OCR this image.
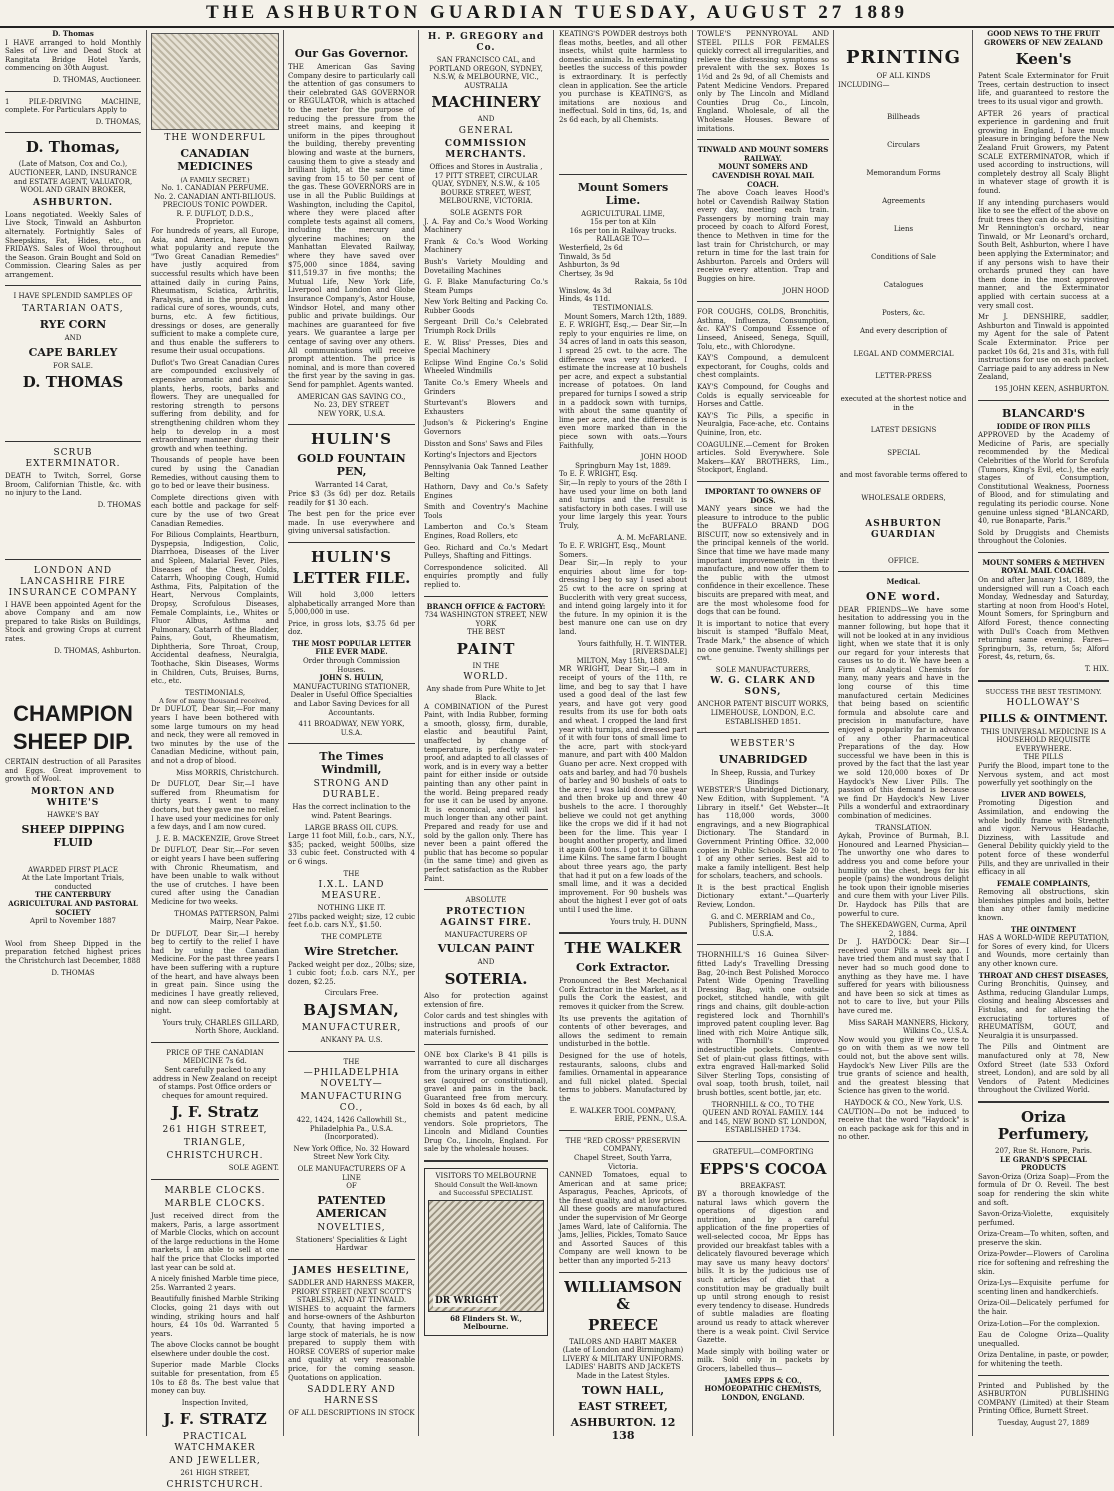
THE ASHBURTON GUARDIAN TUESDAY, AUGUST 27 1889
D. Thomas

I HAVE arranged to hold Monthly Sales of Live and Dead Stock at Rangitata Bridge Hotel Yards, commencing on 30th August.

D. THOMAS, Auctioneer.

1 PILE-DRIVING MACHINE, complete. For Particulars Apply to

D. THOMAS,

D. Thomas,
(Late of Matson, Cox and Co.),

AUCTIONEER, LAND, INSURANCE and ESTATE AGENT, VALUATOR, WOOL AND GRAIN BROKER,

ASHBURTON.

Loans negotiated. Weekly Sales of Live Stock, Tinwald an Ashburton alternately. Fortnightly Sales of Sheepskins, Fat, Hides, etc., on FRIDAYS. Sales of Wool throughout the Season. Grain Bought and Sold on Commission. Clearing Sales as per arrangement.

I HAVE SPLENDID SAMPLES OF

TARTARIAN OATS,
RYE CORN
AND
CAPE BARLEY
FOR SALE.
D. THOMAS
SCRUB EXTERMINATOR.

DEATH to Twitch, Sorrel, Gorse Broom, Californian Thistle, &c. with no injury to the Land.

D. THOMAS

LONDON AND LANCASHIRE FIRE INSURANCE COMPANY

I HAVE been appointed Agent for the above Company and am now prepared to take Risks on Buildings, Stock and growing Crops at current rates.

D. THOMAS, Ashburton.

CHAMPION
SHEEP DIP.

CERTAIN destruction of all Parasites and Eggs. Great improvement to growth of Wool.

MORTON AND WHITE'S
HAWKE'S BAY
SHEEP DIPPING FLUID
AWARDED FIRST PLACE
At the Late Important Trials, conducted
THE CANTERBURY AGRICULTURAL AND PASTORAL SOCIETY
April to November 1887

Wool from Sheep Dipped in the preparation fetched highest prices the Christchurch last December, 1888

D. THOMAS
THE WONDERFUL
CANADIAN MEDICINES
(A FAMILY SECRET.)
No. 1. CANADIAN PERFUME.
No. 2. CANADIAN ANTI-BILIOUS.
PRECIOUS TONIC POWDER.
R. F. DUFLOT, D.D.S.,
Proprietor.

For hundreds of years, all Europe, Asia, and America, have known what popularity and repute the "Two Great Canadian Remedies" have justly acquired from successful results which have been attained daily in curing Pains, Rheumatism, Sciatica, Arthritis, Paralysis, and in the prompt and radical cure of sores, wounds, cuts, burns, etc. A few fictitious, dressings or doses, are generally sufficient to make a complete cure, and thus enable the sufferers to resume their usual occupations.

Duflot's Two Great Canadian Cures are compounded exclusively of expensive aromatic and balsamic plants, herbs, roots, barks and flowers. They are unequalled for restoring strength to persons suffering from debility, and for strengthening children whom they help to develop in a most extraordinary manner during their growth and when teething.

Thousands of people have been cured by using the Canadian Remedies, without causing them to go to bed or leave their business.

Complete directions given with each bottle and package for self-cure by the use of two Great Canadian Remedies.

For Bilious Complaints, Heartburn, Dyspepsia, Indigestion, Colic, Diarrhoea, Diseases of the Liver and Spleen, Malarial Fever, Piles, Diseases of the Chest, Colds, Catarrh, Whooping Cough, Humid Asthma, Fits, Palpitation of the Heart, Nervous Complaints, Dropsy, Scrofulous Diseases, Female Complaints, i.e., Whites or Fluor Albus, Asthma and Pulmonary, Catarrh of the Bladder, Pains, Gout, Rheumatism, Diphtheria, Sore Throat, Croup, Accidental deafness, Neuralgia, Toothache, Skin Diseases, Worms in Children, Cuts, Bruises, Burns, etc., etc.

TESTIMONIALS,
A few of many thousand received,

Dr DUFLOT, Dear Sir,—For many years I have been bothered with some large tumours on my head and neck, they were all removed in two minutes by the use of the Canadian Medicine, without pain, and not a drop of blood.

Miss MORRIS, Christchurch.

Dr DUFLOT, Dear Sir,—I have suffered from Rheumatism for thirty years. I went to many doctors, but they gave me no relief. I have used your medicines for only a few days, and I am now cured.

J. E. B. MACKENZIE, Grove Street

Dr DUFLOT, Dear Sir,—For seven or eight years I have been suffering with Chronic Rheumatism, and have been unable to walk without the use of crutches. I have been cured after using the Canadian Medicine for two weeks.

THOMAS PATTERSON, Palmi Mairp, Near Pakoe.

Dr DUFLOT, Dear Sir,—I hereby beg to certify to the relief I have had by using the Canadian Medicine. For the past three years I have been suffering with a rupture of the heart, and have always been in great pain. Since using the medicines I have greatly relieved, and now can sleep comfortably at night.

Yours truly, CHARLES GILLARD, North Shore, Auckland.

PRICE OF THE CANADIAN MEDICINE 7s 6d.

Sent carefully packed to any address in New Zealand on receipt of stamps. Post Office orders or cheques for amount required.

J. F. Stratz
261 HIGH STREET,
TRIANGLE,
CHRISTCHURCH.
SOLE AGENT.
MARBLE CLOCKS.
MARBLE CLOCKS.

Just received direct from the makers, Paris, a large assortment of Marble Clocks, which on account of the large reductions in the Home markets, I am able to sell at one half the price that Clocks imported last year can be sold at.

A nicely finished Marble time piece, 25s. Warranted 2 years.

Beautifully finished Marble Striking Clocks, going 21 days with out winding, striking hours and half hours, £4 10s 0d. Warranted 5 years.

The above Clocks cannot be bought elsewhere under double the cost.

Superior made Marble Clocks suitable for presentation, from £5 10s to £8 8s. The best value that money can buy.

Inspection Invited,
J. F. STRATZ
PRACTICAL WATCHMAKER
AND JEWELLER,
261 HIGH STREET,
CHRISTCHURCH.
Our Gas Governor.

THE American Gas Saving Company desire to particularly call the attention of gas consumers to their celebrated GAS GOVERNOR or REGULATOR, which is attached to the meter for the purpose of reducing the pressure from the street mains, and keeping it uniform in the pipes throughout the building, thereby preventing blowing and waste at the burners, causing them to give a steady and brilliant light, at the same time saving from 15 to 50 per cent of the gas. These GOVERNORS are in use in all the Public Buildings at Washington, including the Capitol, where they were placed after complete tests against all comers, including the mercury and glycerine machines; on the Manhattan Elevated Railway, where they have saved over $75,000 since 1884, saving $11,519.37 in five months; the Mutual Life, New York Life, Liverpool and London and Globe Insurance Company's, Astor House, Windsor Hotel, and many other public and private buildings. Our machines are guaranteed for five years. We guarantee a large per centage of saving over any others. All communications will receive prompt attention. The price is nominal, and is more than covered the first year by the saving in gas. Send for pamphlet. Agents wanted.

AMERICAN GAS SAVING CO.,
No. 23, DEY STREET
NEW YORK, U.S.A.
HULIN'S
GOLD FOUNTAIN PEN,
Warranted 14 Carat,

Price $3 (3s 6d) per doz. Retails readily for $1 30 each.

The best pen for the price ever made. In use everywhere and giving universal satisfaction.

HULIN'S
LETTER FILE.

Will hold 3,000 letters alphabetically arranged More than 5,000,000 in use.

Price, in gross lots, $3.75 6d per doz.

THE MOST POPULAR LETTER FILE EVER MADE.
Order through Commission Houses.
JOHN S. HULIN,
MANUFACTURING STATIONER,

Dealer in Useful Office Specialties and Labor Saving Devices for all Accountants.

411 BROADWAY, NEW YORK, U.S.A.
The Times Windmill,
STRONG AND DURABLE.

Has the correct inclination to the wind. Patent Bearings.

LARGE BRASS OIL CUPS.

Large 11 foot Mill, f.o.b., cars, N.Y., $35; packed, weight 500lbs, size 33 cubic feet. Constructed with 4 or 6 wings.

THE
I.X.L. LAND MEASURE.
NOTHING LIKE IT.

27lbs packed weight; size, 12 cubic feet f.o.b. cars N.Y., $1.50.

THE COMPLETE
Wire Stretcher.

Packed weight per doz., 20lbs; size, 1 cubic foot; f.o.b. cars N.Y., per dozen, $2.25.

Circulars Free.
BAJSMAN,
MANUFACTURER,
ANKANY PA. U.S.
THE
—PHILADELPHIA NOVELTY—
MANUFACTURING CO.,

422, 1424, 1426 Callowhill St., Philadelphia Pa., U.S.A. (Incorporated).

New York Office, No. 32 Howard Street New York City.

OLE MANUFACTURERS OF A LINE
OF
PATENTED AMERICAN
NOVELTIES,
Stationers' Specialities & Light Hardwar
JAMES HESELTINE,
SADDLER AND HARNESS MAKER,
PRIORY STREET (NEXT SCOTT'S STABLES), AND AT TINWALD.

WISHES to acquaint the farmers and horse-owners of the Ashburton County, that having imported a large stock of materials, he is now prepared to supply them with HORSE COVERS of superior make and quality at very reasonable price, for the coming season. Quotations on application.

SADDLERY AND HARNESS
OF ALL DESCRIPTIONS IN STOCK
H. P. GREGORY and Co.
SAN FRANCISCO CAL, and
PORTLAND OREGON, SYDNEY,
N.S.W, & MELBOURNE, VIC.,
AUSTRALIA
MACHINERY
AND
GENERAL
COMMISSION MERCHANTS.
Offices and Stores in Australia ,

17 PITT STREET, CIRCULAR QUAY, SYDNEY, N.S.W., & 105 BOURKE STREET, WEST, MELBOURNE, VICTORIA.

SOLE AGENTS FOR

J. A. Fay and Co.'s Wood Working Machinery

Frank & Co.'s Wood Working Machinery

Bush's Variety Moulding and Dovetailing Machines

G. F. Blake Manufacturing Co.'s Steam Pumps

New York Belting and Packing Co. Rubber Goods

Sergeant Drill Co.'s Celebrated Triumph Rock Drills

E. W. Bliss' Presses, Dies and Special Machinery

Eclipse Wind Engine Co.'s Solid Wheeled Windmills

Tanite Co.'s Emery Wheels and Grinders

Sturtevant's Blowers and Exhausters

Judson's & Pickering's Engine Governors

Disston and Sons' Saws and Files

Korting's Injectors and Ejectors

Pennsylvania Oak Tanned Leather Belting

Hathorn, Davy and Co.'s Safety Engines

Smith and Coventry's Machine Tools

Lamberton and Co.'s Steam Engines, Road Rollers, etc

Geo. Richard and Co.'s Medart Pulleys, Shafting and Fittings.

Correspondence solicited. All enquiries promptly and fully replied to.

BRANCH OFFICE & FACTORY:
734 WASHINGTON STREET, NEW YORK
THE BEST
PAINT
IN THE
WORLD.
Any shade from Pure White to Jet Black.

A COMBINATION of the Purest Paint, with India Rubber, forming a smooth, glossy, firm, durable, elastic and beautiful Paint, unaffected by change of temperature, is perfectly water-proof, and adapted to all classes of work, and is in every way a better paint for either inside or outside painting than any other paint in the world. Being prepared ready for use it can be used by anyone. It is economical, and will last much longer than any other paint. Prepared and ready for use and sold by the gallon only. There has never been a paint offered the public that has become so popular (in the same time) and given as perfect satisfaction as the Rubber Paint.

ABSOLUTE
PROTECTION AGAINST FIRE.
MANUFACTURERS OF
VULCAN PAINT
AND
SOTERIA.

Also for protection against extension of fire.

Color cards and test shingles with instructions and proofs of our materials furnished.

ONE box Clarke's B 41 pills is warranted to cure all discharges from the urinary organs in either sex (acquired or constitutional), gravel and pains in the back. Guaranteed free from mercury. Sold in boxes 4s 6d each, by all chemists and patent medicine vendors. Sole proprietors, The Lincoln and Midland Counties Drug Co., Lincoln, England. For sale by the wholesale houses.

VISITORS TO MELBOURNE
Should Consult the Well-known and Successful SPECIALIST.
DR WRIGHT
68 Flinders St. W., Melbourne.

KEATING'S POWDER destroys both fleas moths, beetles, and all other insects, whilst quite harmless to domestic animals. In exterminating beetles the success of this powder is extraordinary. It is perfectly clean in application. See the article you purchase is KEATING'S, as imitations are noxious and ineffectual. Sold in tins, 6d, 1s, and 2s 6d each, by all Chemists.

Mount Somers Lime.
AGRICULTURAL LIME,
15s per ton at Kiln
16s per ton in Railway trucks.
RAILAGE TO—
Westerfield, 2s 6d
Tinwald, 3s 5d
Ashburton, 3s 9d
Chertsey, 3s 9d
Rakaia, 5s 10d
Winslow, 4s 3d
Hinds, 4s 11d.
TESTIMONIALS.
Mount Somers, March 12th, 1889.

E. F. WRIGHT, Esq.,— Dear Sir,—In reply to your enquiries re lime, on 34 acres of land in oats this season, I spread 25 cwt. to the acre. The difference was very marked. I estimate the increase at 10 bushels per acre, and expect a substantial increase of potatoes. On land prepared for turnips I sowed a strip in a paddock sown with turnips, with about the same quantity of lime per acre, and the difference is even more marked than in the piece sown with oats.—Yours Faithfully,

JOHN HOOD
Springburn May 1st, 1889.
To E. F. WRIGHT, Esq.

Sir,—In reply to yours of the 28th I have used your lime on both land and turnips and the result is satisfactory in both cases. I will use your lime largely this year. Yours Truly,

A. M. McFARLANE.
To E. F. WRIGHT, Esq., Mount Somers.

Dear Sir,—In reply to your enquiries about lime for top-dressing I beg to say I used about 25 cwt to the acre on spring at Bucclerith with very great success, and intend going largely into it for the future. In my opinion it is the best manure one can use on dry land.

Yours faithfully, H. T. WINTER. [RIVERSDALE]
MILTON, May 15th, 1889.

MR WRIGHT, Dear Sir,—I am in receipt of yours of the 11th, re lime, and beg to say that I have used a good deal of the last few years, and have got very good results from its use for both oats and wheat. I cropped the land first year with turnips, and dressed part of it with four tons of small lime to the acre, part with stock-yard manure, and part with 400 Maldon Guano per acre. Next cropped with oats and barley, and had 70 bushels of barley and 90 bushels of oats to the acre; I was laid down one year and then broke up and threw 40 bushels to the acre. I thoroughly believe we could not get anything like the crops we did if it had not been for the lime. This year I bought another property, and limed it again 600 tons. I got it to Gilhaun Lime Kilns. The same farm I bought about three years ago, the party that had it put on a few loads of the small lime, and it was a decided improvement. For 90 bushels was about the highest I ever got of oats until I used the lime.

Yours truly, H. DUNN
THE WALKER
Cork Extractor.

Pronounced the Best Mechanical Cork Extractor in the Market, as it pulls the Cork the easiest, and removes it quicker from the Screw.

Its use prevents the agitation of contents of other beverages, and allows the sediment to remain undisturbed in the bottle.

Designed for the use of hotels, restaurants, saloons, clubs and families. Ornamental in appearance and full nickel plated. Special terms to jobbers. Manufactured by the

E. WALKER TOOL COMPANY,
ERIE, PENN., U.S.A.
THE "RED CROSS" PRESERVIN COMPANY,
Chapel Street, South Yarra, Victoria.

CANNED Tomatoes, equal to American and at same price; Asparagus, Peaches, Apricots, of the finest quality, and at low prices. All these goods are manufactured under the supervision of Mr George James Ward, late of California. The Jams, Jellies, Pickles, Tomato Sauce and Assorted Sauces of this Company are well known to be better than any imported 5-213

WILLIAMSON &
PREECE
TAILORS AND HABIT MAKER (Late of London and Birmingham)
LIVERY & MILITARY UNIFORMS.
LADIES' HABITS AND JACKETS Made in the Latest Styles.
TOWN HALL,
EAST STREET,
ASHBURTON. 12 138

TOWLE'S PENNYROYAL AND STEEL PILLS FOR FEMALES quickly correct all irregularities, and relieve the distressing symptoms so prevalent with the sex. Boxes 1s 1½d and 2s 9d, of all Chemists and Patent Medicine Vendors. Prepared only by The Lincoln and Midland Counties Drug Co., Lincoln, England. Wholesale, of all the Wholesale Houses. Beware of imitations.

TINWALD AND MOUNT SOMERS RAILWAY.
MOUNT SOMERS AND CAVENDISH ROYAL MAIL COACH.

The above Coach leaves Hood's hotel or Cavendish Railway Station every day, meeting each train. Passengers by morning train may proceed by coach to Alford Forest, thence to Methven in time for the last train for Christchurch, or may return in time for the last train for Ashburton. Parcels and Orders will receive every attention. Trap and Buggies on hire.

JOHN HOOD

FOR COUGHS, COLDS, Bronchitis, Asthma, Influenza, Consumption, &c. KAY'S Compound Essence of Linseed, Aniseed, Senega, Squill, Tolu, etc., with Chlorodyne.

KAY'S Compound, a demulcent expectorant, for Coughs, colds and chest complaints.

KAY'S Compound, for Coughs and Colds is equally serviceable for Horses and Cattle.

KAY'S Tic Pills, a specific in Neuralgia, Face-ache, etc. Contains Quinine, Iron, etc.

COAGULINE.—Cement for Broken articles. Sold Everywhere. Sole Makers—KAY BROTHERS, Lim., Stockport, England.

IMPORTANT TO OWNERS OF DOGS.

MANY years since we had the pleasure to introduce to the public the BUFFALO BRAND DOG BISCUIT, now so extensively and in the principal kennels of the world. Since that time we have made many important improvements in their manufacture, and now offer them to the public with the utmost confidence in their excellence. These biscuits are prepared with meat, and are the most wholesome food for dogs that can be found.

It is important to notice that every biscuit is stamped "Buffalo Meat, Trade Mark," the absence of which no one genuine. Twenty shillings per cwt.

SOLE MANUFACTURERS,
W. G. CLARK AND SONS,
ANCHOR PATENT BISCUIT WORKS,
LIMEHOUSE, LONDON, E.C.
ESTABLISHED 1851.
WEBSTER'S
UNABRIDGED
In Sheep, Russia, and Turkey Bindings

WEBSTER'S Unabridged Dictionary, New Edition, with Supplement. "A Library in itself." Get Webster—It has 118,000 words, 3000 engravings, and a new Biographical Dictionary. The Standard in Government Printing Office. 32,000 copies in Public Schools. Sale 20 to 1 of any other series. Best aid to make a family intelligent. Best help for scholars, teachers, and schools.

It is the best practical English Dictionary extant."—Quarterly Review, London.

G. and C. MERRIAM and Co., Publishers, Springfield, Mass., U.S.A.

THORNHILL'S 16 Guinea Silver-fitted Lady's Travelling Dressing Bag, 20-inch Best Polished Morocco Patent Wide Opening Travelling Dressing Bag, with one outside pocket, stitched handle, with gilt rings and chains, gilt double-action registered lock and Thornhill's improved patent coupling lever. Bag lined with rich Moire Antique silk, with Thornhill's improved indestructible pockets. Contents—Set of plain-cut glass fittings, with extra engraved Hall-marked Solid Silver Sterling Tops, consisting of oval soap, tooth brush, toilet, nail brush bottles, scent bottle, jar, etc.

THORNHILL & CO., TO THE QUEEN AND ROYAL FAMILY. 144 and 145, NEW BOND ST. LONDON, ESTABLISHED 1734.

GRATEFUL—COMFORTING
EPPS'S COCOA
BREAKFAST.

BY a thorough knowledge of the natural laws which govern the operations of digestion and nutrition, and by a careful application of the fine properties of well-selected cocoa, Mr Epps has provided our breakfast tables with a delicately flavoured beverage which may save us many heavy doctors' bills. It is by the judicious use of such articles of diet that a constitution may be gradually built up until strong enough to resist every tendency to disease. Hundreds of subtle maladies are floating around us ready to attack wherever there is a weak point. Civil Service Gazette.

Made simply with boiling water or milk. Sold only in packets by Grocers, labelled thus—

JAMES EPPS & CO., HOMOEOPATHIC CHEMISTS, LONDON, ENGLAND.
PRINTING
OF ALL KINDS
INCLUDING—
Billheads
Circulars
Memorandum Forms
Agreements
Liens
Conditions of Sale
Catalogues
Posters, &c.
And every description of
LEGAL AND COMMERCIAL
LETTER-PRESS
executed at the shortest notice and in the
LATEST DESIGNS
SPECIAL
and most favorable terms offered to
WHOLESALE ORDERS,
ASHBURTON GUARDIAN
OFFICE.
Medical.
ONE word.

DEAR FRIENDS—We have some hesitation to addressing you in the manner following, but hope that it will not be looked at in any invidious light, when we state that it is only our regard for your interests that causes us to do it. We have been a Firm of Analytical Chemists for many, many years and have in the long course of this time manufactured certain Medicines that being based on scientific formula and absolute care and precision in manufacture, have enjoyed a popularity far in advance of any other Pharmaceutical Preparations of the day. How successful we have been in this is proved by the fact that the last year we sold 120,000 boxes of Dr Haydock's New Liver Pills. The passion of this demand is because we find Dr Haydock's New Liver Pills a wonderful and extraordinary combination of medicines.

TRANSLATION.

Aykah, Province of Burmah, B.I. Honoured and Learned Physician—The unworthy one who dares to address you and come before your humility on the chest, begs for his people (pains) the wondrous delight he took upon their ignoble miseries and cure them with your Liver Pills. Dr. Haydock has Pills that are powerful to cure.

The SHEKEDAWGEN, Curma, April 2, 1884.

Dr J. HAYDOCK: Dear Sir—I received your Pills a week ago. I have tried them and must say that I never had so much good done to anything as they have me. I have suffered for years with biliousness and have been so sick at times as not to care to live, but your Pills have cured me.

Miss SARAH MANNERS, Hickory, Wilkins Co., U.S.A.

Now would you give if we were to go on with them as we now tell could not, but the above sent wills. Haydock's New Liver Pills are the true grants of science and health, and the greatest blessing that Science has given to the world.

HAYDOCK & CO., New York, U.S.

CAUTION—Do not be induced to receive that the word "Haydock" is on each package ask for this and in no other.

GOOD NEWS TO THE FRUIT GROWERS OF NEW ZEALAND
Keen's

Patent Scale Exterminator for Fruit Trees, certain destruction to insect life, and guaranteed to restore the trees to its usual vigor and growth.

AFTER 26 years of practical experience in gardening and fruit growing in England, I have much pleasure in bringing before the New Zealand Fruit Growers, my Patent SCALE EXTERMINATOR, which if used according to instructions, will completely destroy all Scaly Blight in whatever stage of growth it is found.

If any intending purchasers would like to see the effect of the above on fruit trees they can do so by visiting Mr Rennington's orchard, near Tinwald, or Mr Leonard's orchard, South Belt, Ashburton, where I have been applying the Exterminator; and if any persons wish to have their orchards pruned they can have them done in the most approved manner, and the Exterminator applied with certain success at a very small cost.

Mr J. DENSHIRE, saddler, Ashburton and Tinwald is appointed my Agent for the sale of Patent Scale Exterminator. Price per packet 10s 6d, 21s and 31s, with full instructions for use on each packet. Carriage paid to any address in New Zealand,

195 JOHN KEEN, ASHBURTON.
BLANCARD'S
IODIDE OF IRON PILLS

APPROVED by the Academy of Medicine of Paris, are specially recommended by the Medical Celebrities of the World for Scrofula (Tumors, King's Evil, etc.), the early stages of Consumption, Constitutional Weakness, Poorness of Blood, and for stimulating and regulating its periodic course. None genuine unless signed "BLANCARD, 40, rue Bonaparte, Paris."

Sold by Druggists and Chemists throughout the Colonies.

MOUNT SOMERS & METHVEN ROYAL MAIL COACH.

On and after January 1st, 1889, the undersigned will run a Coach each Monday, Wednesday and Saturday, starting at noon from Hood's Hotel, Mount Somers, for Springburn and Alford Forest, thence connecting with Dull's Coach from Methven returning same evening. Fares—Springburn, 3s, return, 5s; Alford Forest, 4s, return, 6s.

T. HIX.
SUCCESS THE BEST TESTIMONY.
HOLLOWAY'S
PILLS & OINTMENT.
THIS UNIVERSAL MEDICINE IS A HOUSEHOLD REQUISITE EVERYWHERE.
THE PILLS

Purify the Blood, impart tone to the Nervous system, and act most powerfully yet soothingly on the

LIVER AND BOWELS,

Promoting Digestion and Assimilation, and endowing the whole bodily frame with Strength and vigor. Nervous Headache, Dizziness, with Lassitude and General Debility quickly yield to the potent force of these wonderful Pills, and they are unrivalled in their efficacy in all

FEMALE COMPLAINTS,

Removing all obstructions, skin blemishes pimples and boils, better than any other family medicine known.

THE OINTMENT

HAS A WORLD-WIDE REPUTATION, for Sores of every kind, for Ulcers and Wounds, more certainly than any other known cure.

THROAT AND CHEST DISEASES,

Curing Bronchitis, Quinsey, and Asthma, reducing Glandular Lumps, closing and healing Abscesses and Fistulas, and for alleviating the excruciating tortures of RHEUMATISM, GOUT, and Neuralgia it is unsurpassed.

The Pills and Ointment are manufactured only at 78, New Oxford Street (late 533 Oxford street, London), and are sold by all Vendors of Patent Medicines throughout the Civilized World.

Oriza Perfumery,
207, Rue St. Honore, Paris.
LE GRAND'S SPECIAL PRODUCTS

Savon-Oriza (Oriza Soap)—From the formula of Dr O. Reveil. The best soap for rendering the skin white and soft.

Savon-Oriza-Violette, exquisitely perfumed.

Oriza-Cream—To whiten, soften, and preserve the skin.

Oriza-Powder—Flowers of Carolina rice for softening and refreshing the skin.

Oriza-Lys—Exquisite perfume for scenting linen and handkerchiefs.

Oriza-Oil—Delicately perfumed for the hair.

Oriza-Lotion—For the complexion.

Eau de Cologne Oriza—Quality unequalled.

Oriza Dentaline, in paste, or powder, for whitening the teeth.

Printed and Published by the ASHBURTON PUBLISHING COMPANY (Limited) at their Steam Printing Office, Burnett Street.

Tuesday, August 27, 1889
